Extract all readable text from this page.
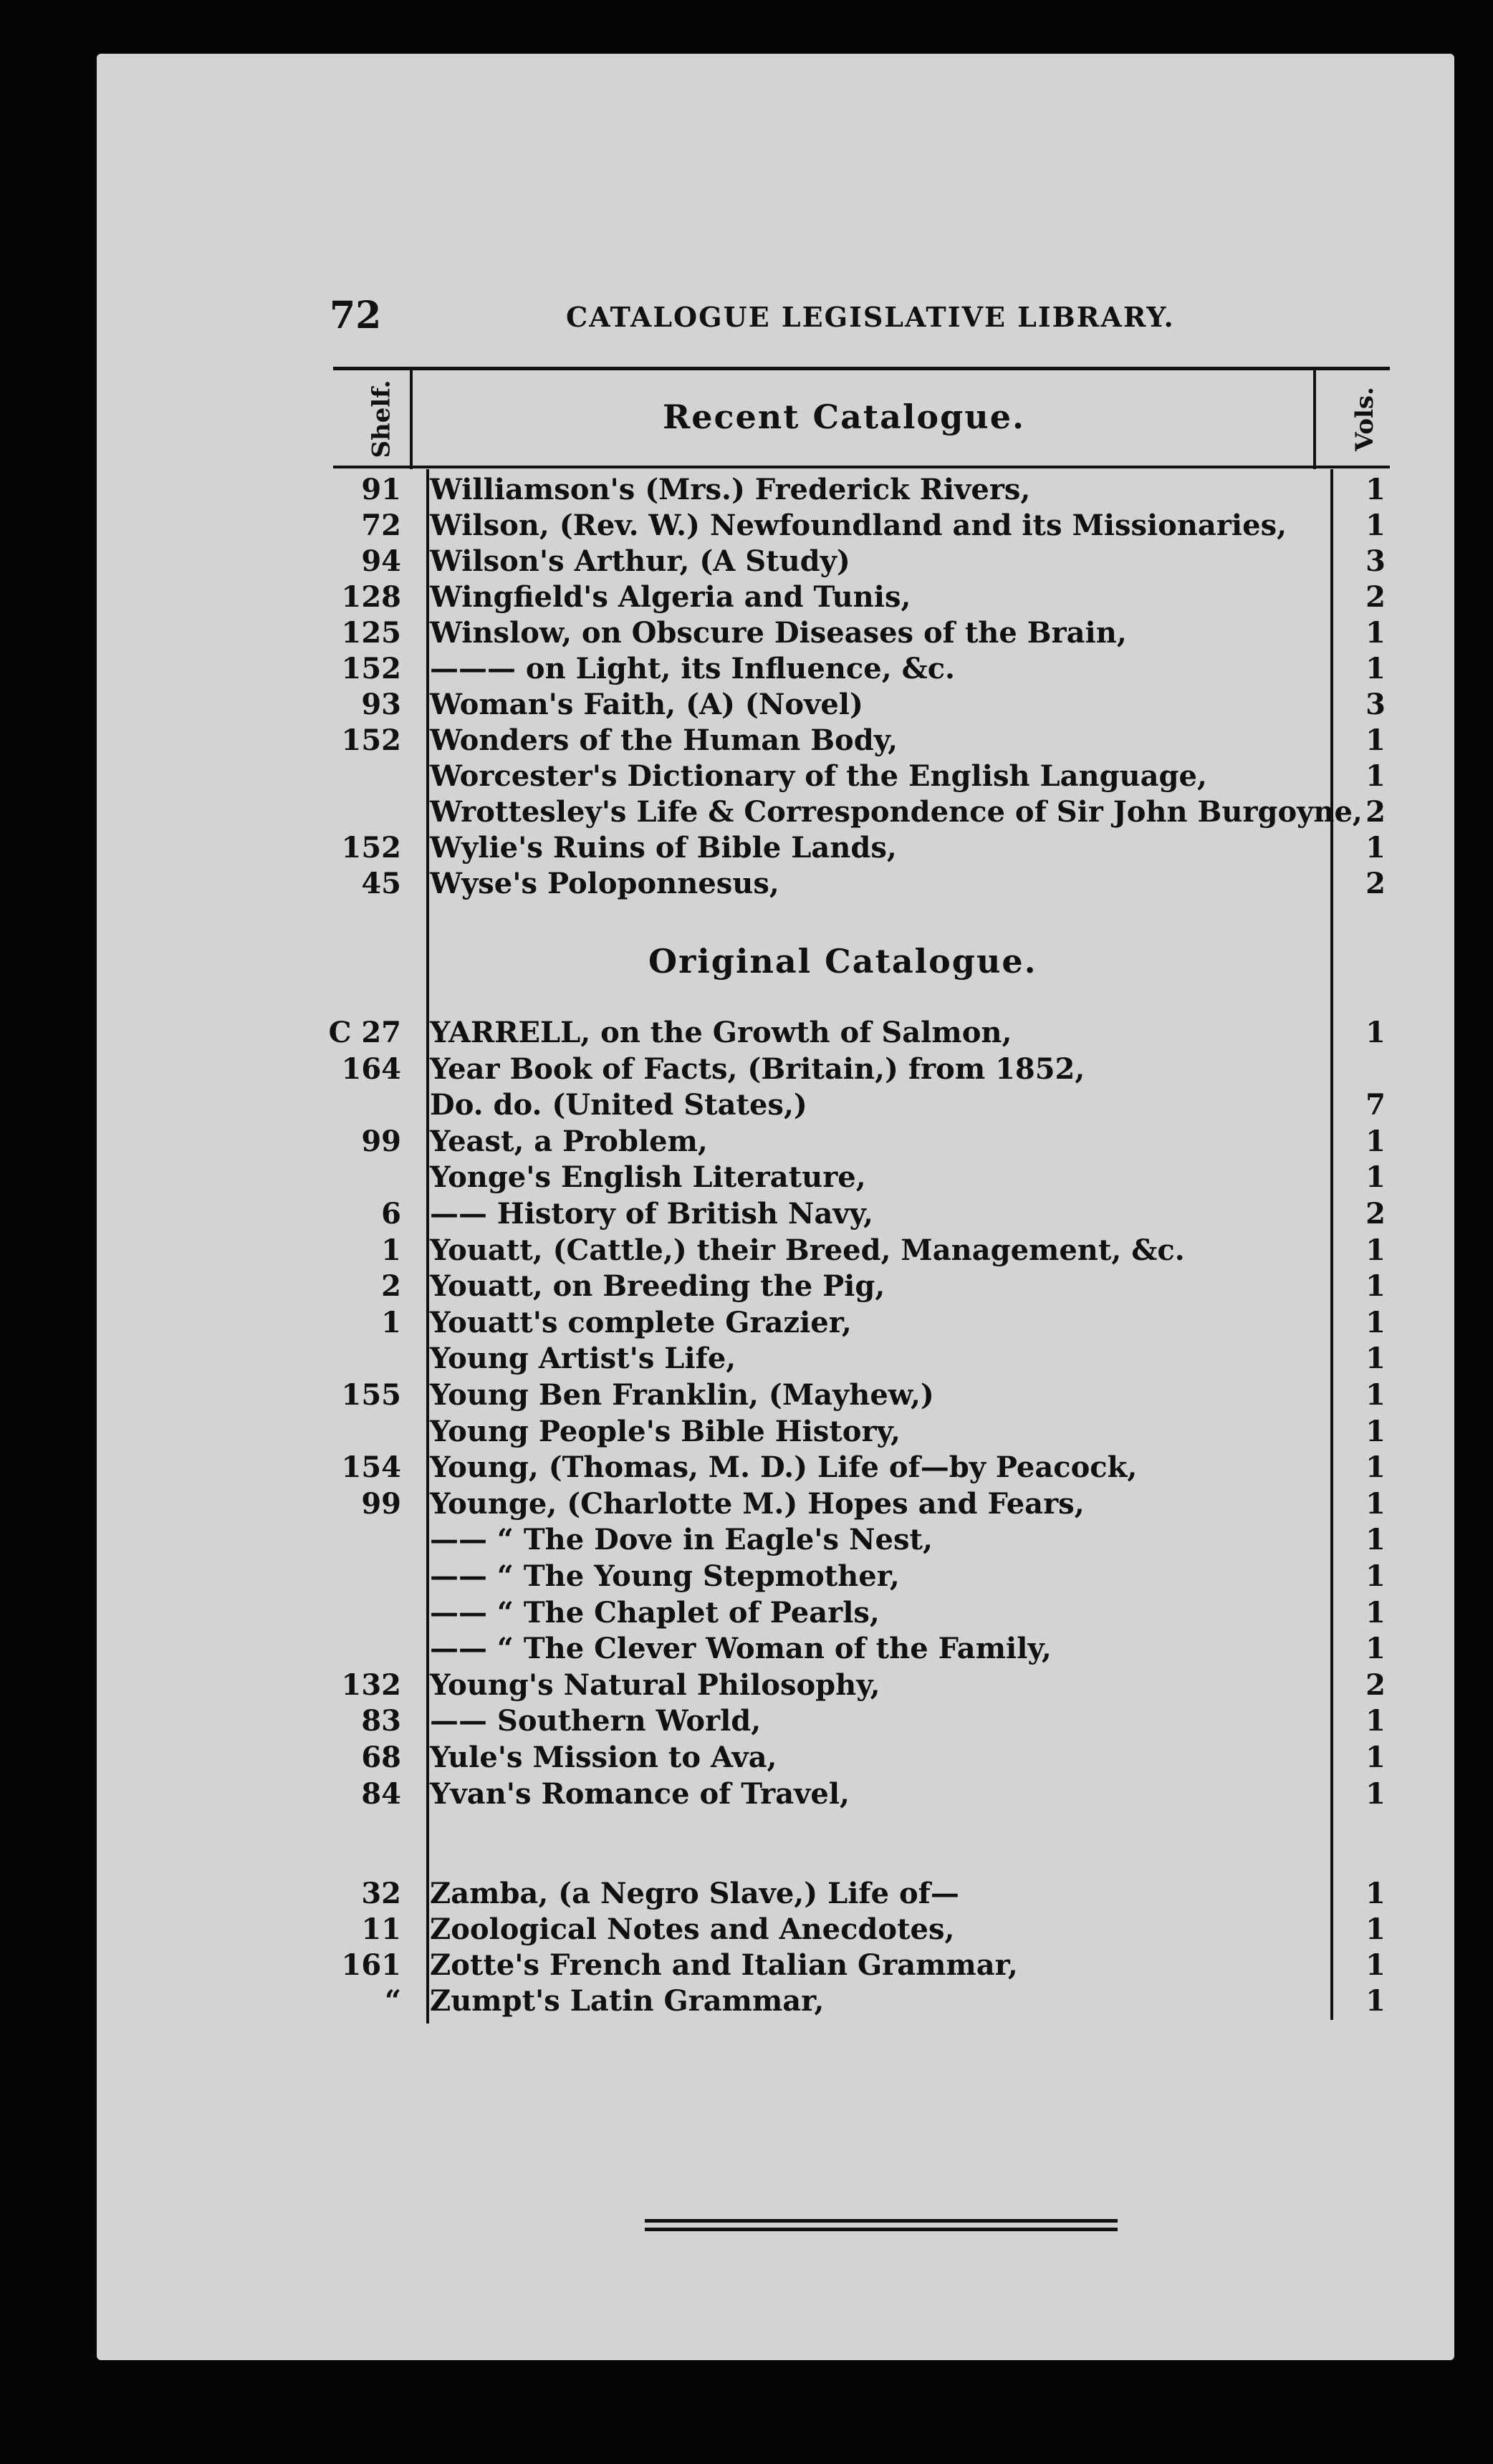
72	CATALOGUE LEGISLATIVE LIBRARY.
Shelf.	Vols.
Recent Catalogue.
Original Catalogue.
91 Williamson's (Mrs.) Frederick Rivers,	1
72 Wilson, (Rev. W.) Newfoundland and its Missionaries,	1
94 Wilson's Arthur, (A Study)	3
128 Wingfield's Algeria and Tunis,	2
125 Winslow, on Obscure Diseases of the Brain,	1
152 ——— on Light, its Influence, &c.	1
93 Woman's Faith, (A) (Novel)	3
152 Wonders of the Human Body,	1
Worcester's Dictionary of the English Language,	1
Wrottesley's Life & Correspondence of Sir John Burgoyne, 2
152 Wylie's Ruins of Bible Lands,	1
45 Wyse's Poloponnesus,	2
C 27 YARRELL, on the Growth of Salmon,	1
164 Year Book of Facts, (Britain,) from 1852,
Do. do. (United States,)	7
99 Yeast, a Problem,	1
Yonge's English Literature,	1
6 —— History of British Navy,	2
1 Youatt, (Cattle,) their Breed, Management, &c.	1
2 Youatt, on Breeding the Pig,	1
1 Youatt's complete Grazier,	1
Young Artist's Life,	1
155 Young Ben Franklin, (Mayhew,)	1
Young People's Bible History,	1
154 Young, (Thomas, M. D.) Life of—by Peacock,	1
99 Younge, (Charlotte M.) Hopes and Fears,	1
—— “ The Dove in Eagle's Nest,	1
—— “ The Young Stepmother,	1
—— “ The Chaplet of Pearls,	1
—— “ The Clever Woman of the Family,	1
132 Young's Natural Philosophy,	2
83 —— Southern World,	1
68 Yule's Mission to Ava,	1
84 Yvan's Romance of Travel,	1
32 Zamba, (a Negro Slave,) Life of—	1
11 Zoological Notes and Anecdotes,	1
161 Zotte's French and Italian Grammar,	1
“ Zumpt's Latin Grammar,	1
